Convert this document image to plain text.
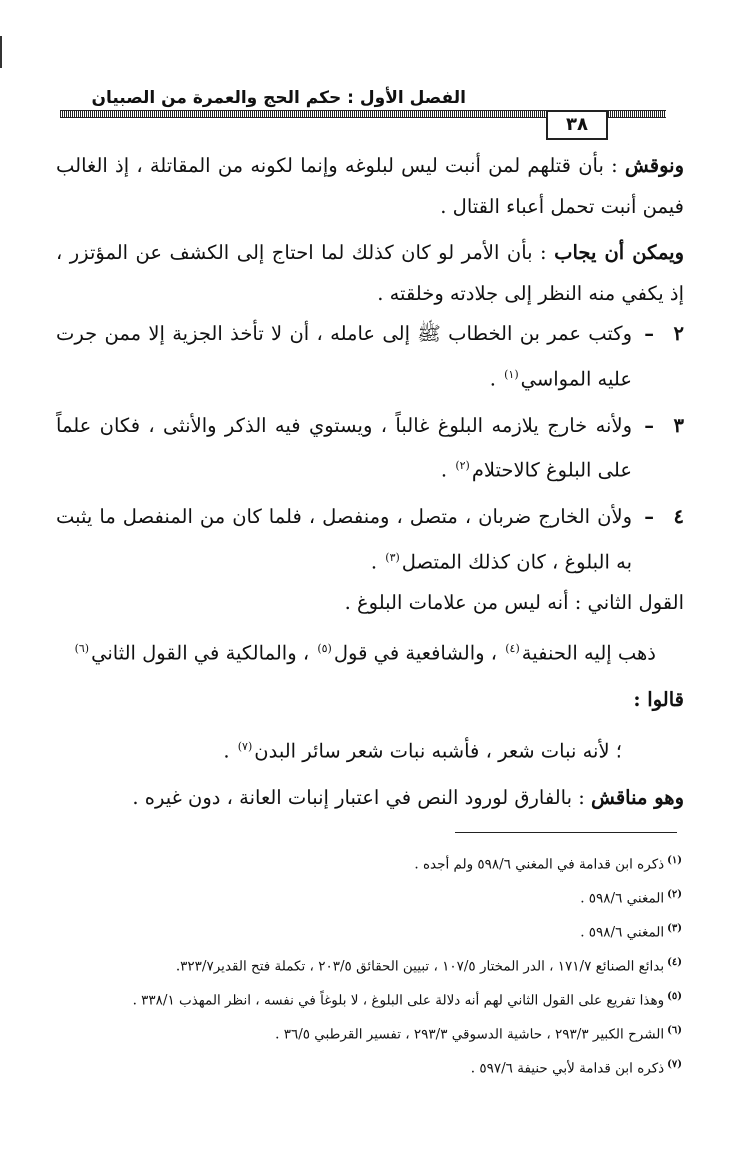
الفصل الأول : حكم الحج والعمرة من الصبيان
٣٨

ونوقش : بأن قتلهم لمن أنبت ليس لبلوغه وإنما لكونه من المقاتلة ، إذ الغالب فيمن أنبت تحمل أعباء القتال .

ويمكن أن يجاب : بأن الأمر لو كان كذلك لما احتاج إلى الكشف عن المؤتزر ، إذ يكفي منه النظر إلى جلادته وخلقته .

٢
–
وكتب عمر بن الخطاب ﷺ إلى عامله ، أن لا تأخذ الجزية إلا ممن جرت عليه المواسي$^{(١)}$ .
٣
–
ولأنه خارج يلازمه البلوغ غالباً ، ويستوي فيه الذكر والأنثى ، فكان علماً على البلوغ كالاحتلام$^{(٢)}$ .
٤
–
ولأن الخارج ضربان ، متصل ، ومنفصل ، فلما كان من المنفصل ما يثبت به البلوغ ، كان كذلك المتصل$^{(٣)}$ .

القول الثاني : أنه ليس من علامات البلوغ .

ذهب إليه الحنفية$^{(٤)}$ ، والشافعية في قول$^{(٥)}$ ، والمالكية في القول الثاني$^{(٦)}$

قالوا :

؛ لأنه نبات شعر ، فأشبه نبات شعر سائر البدن$^{(٧)}$ .

وهو مناقش : بالفارق لورود النص في اعتبار إنبات العانة ، دون غيره .

$^{(١)}$ذكره ابن قدامة في المغني ٥٩٨/٦ ولم أجده .

$^{(٢)}$المغني ٥٩٨/٦ .

$^{(٣)}$المغني ٥٩٨/٦ .

$^{(٤)}$بدائع الصنائع ١٧١/٧ ، الدر المختار ١٠٧/٥ ، تبيين الحقائق ٢٠٣/٥ ، تكملة فتح القدير٣٢٣/٧.

$^{(٥)}$وهذا تفريع على القول الثاني لهم أنه دلالة على البلوغ ، لا بلوغاً في نفسه ، انظر المهذب ٣٣٨/١ .

$^{(٦)}$الشرح الكبير ٢٩٣/٣ ، حاشية الدسوقي ٢٩٣/٣ ، تفسير القرطبي ٣٦/٥ .

$^{(٧)}$ذكره ابن قدامة لأبي حنيفة ٥٩٧/٦ .
